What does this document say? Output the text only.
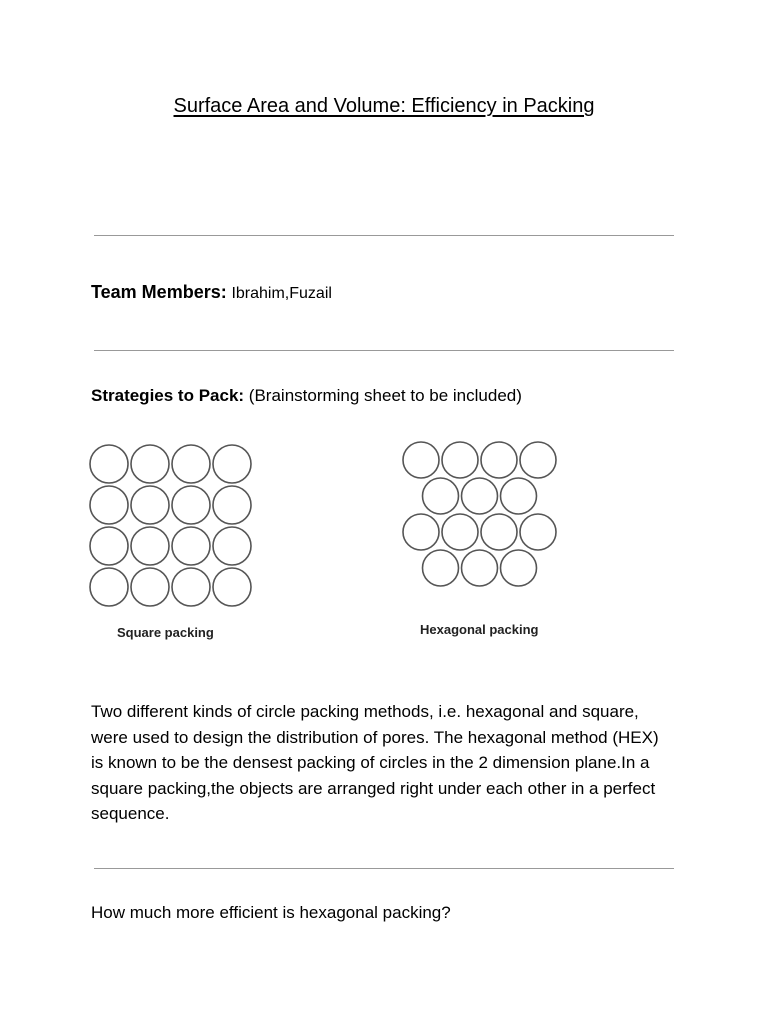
Surface Area and Volume: Efficiency in Packing
Team Members: Ibrahim,Fuzail
Strategies to Pack: (Brainstorming sheet to be included)
Square packing	Hexagonal packing

Two different kinds of circle packing methods, i.e. hexagonal and square, were used to design the distribution of pores. The hexagonal method (HEX) is known to be the densest packing of circles in the 2 dimension plane.In a square packing,the objects are arranged right under each other in a perfect sequence.

How much more efficient is hexagonal packing?
